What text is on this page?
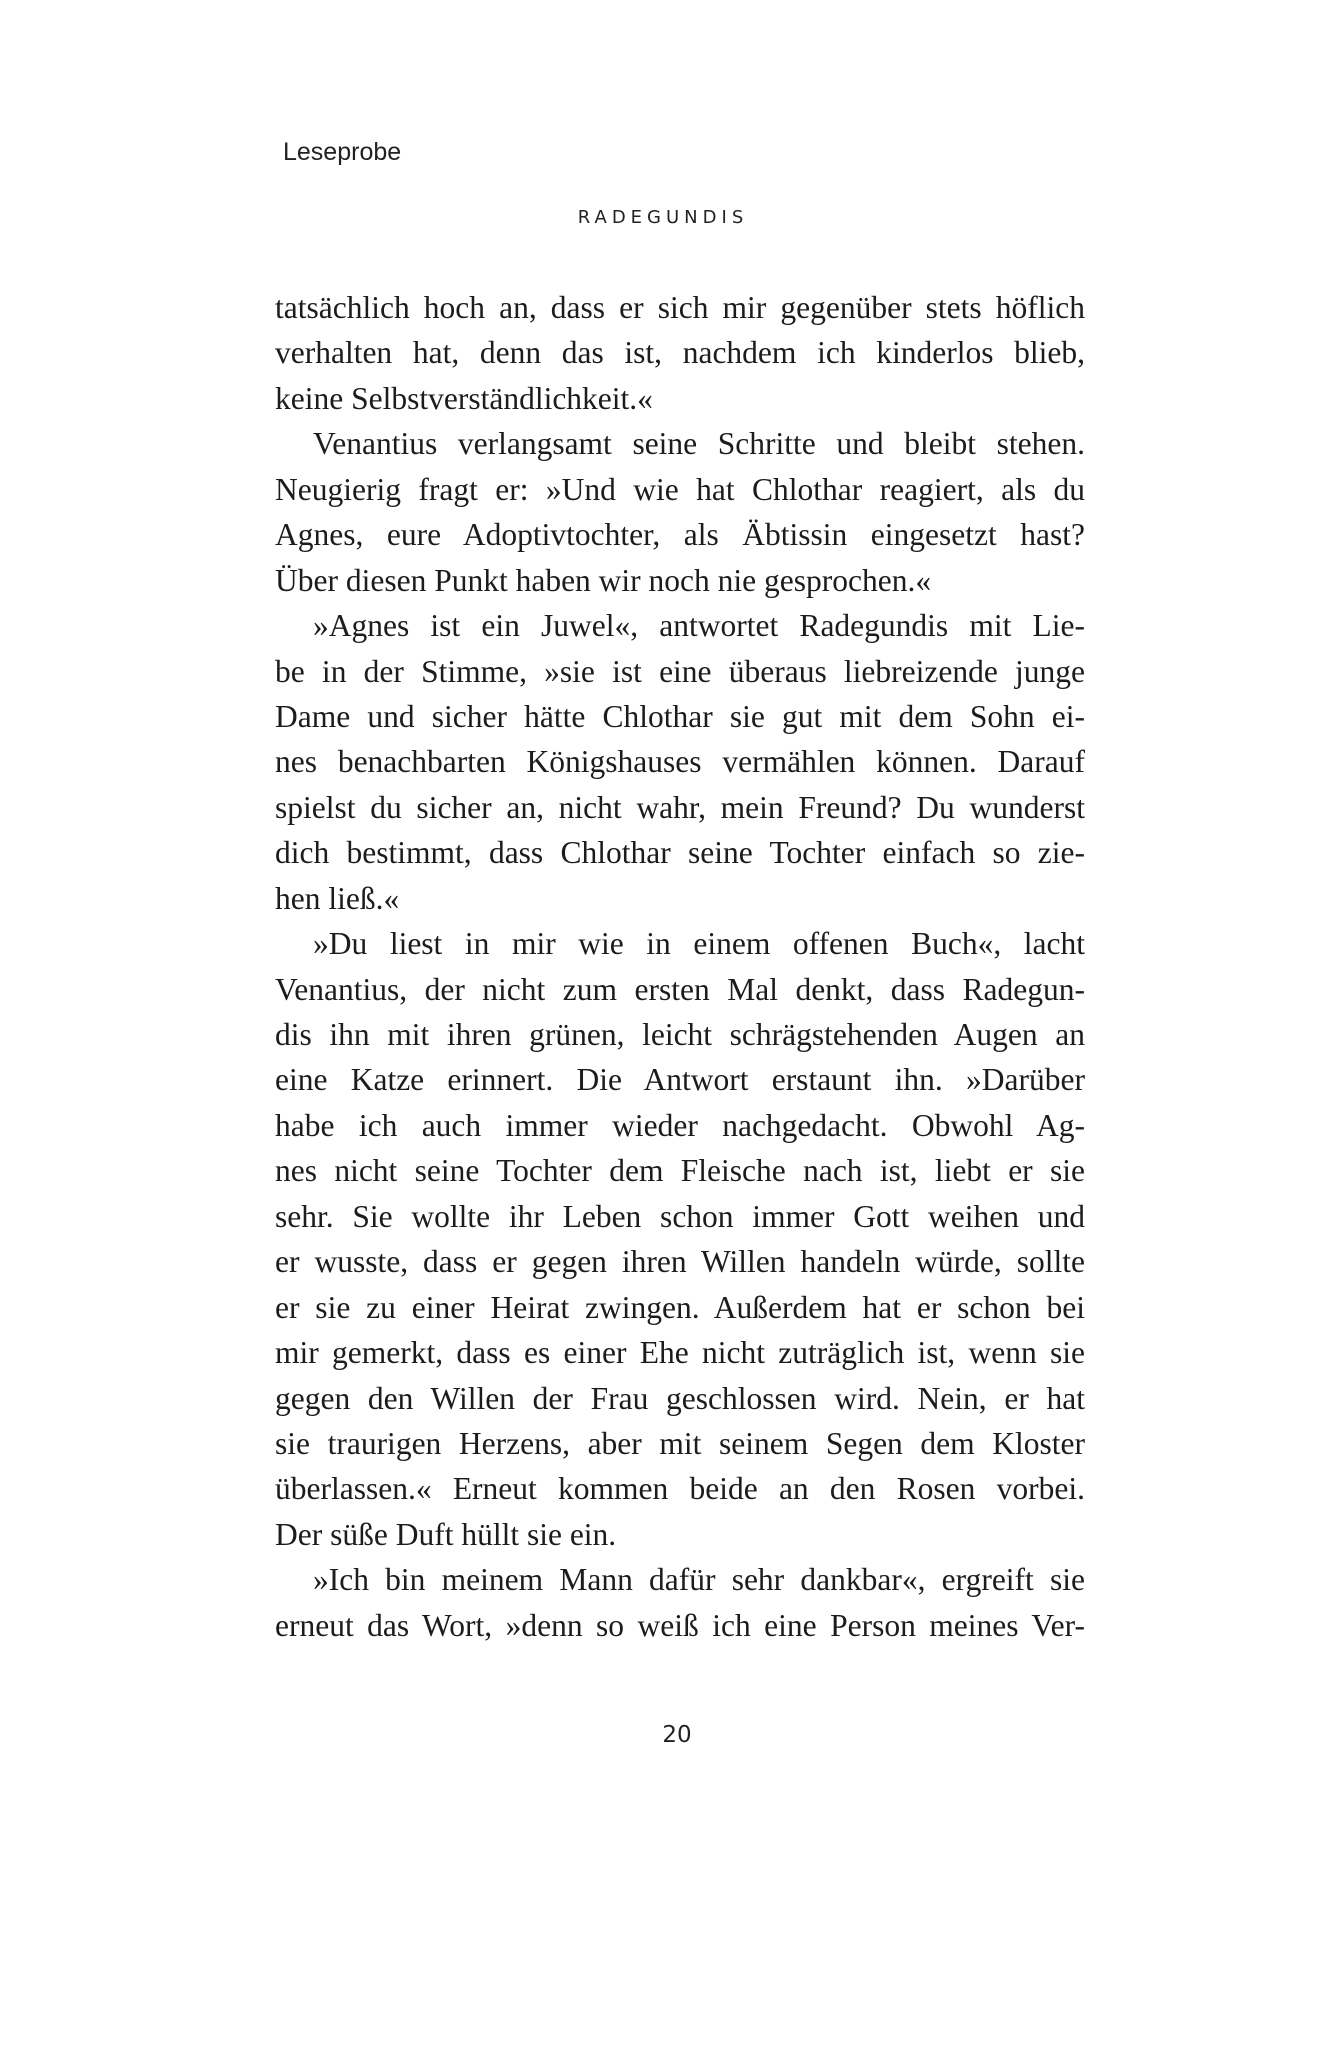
Leseprobe
RADEGUNDIS
tatsächlich hoch an, dass er sich mir gegenüber stets höflich
verhalten hat, denn das ist, nachdem ich kinderlos blieb,
keine Selbstverständlichkeit.«
Venantius verlangsamt seine Schritte und bleibt stehen.
Neugierig fragt er: »Und wie hat Chlothar reagiert, als du
Agnes, eure Adoptivtochter, als Äbtissin eingesetzt hast?
Über diesen Punkt haben wir noch nie gesprochen.«
»Agnes ist ein Juwel«, antwortet Radegundis mit Lie-
be in der Stimme, »sie ist eine überaus liebreizende junge
Dame und sicher hätte Chlothar sie gut mit dem Sohn ei-
nes benachbarten Königshauses vermählen können. Darauf
spielst du sicher an, nicht wahr, mein Freund? Du wunderst
dich bestimmt, dass Chlothar seine Tochter einfach so zie-
hen ließ.«
»Du liest in mir wie in einem offenen Buch«, lacht
Venantius, der nicht zum ersten Mal denkt, dass Radegun-
dis ihn mit ihren grünen, leicht schrägstehenden Augen an
eine Katze erinnert. Die Antwort erstaunt ihn. »Darüber
habe ich auch immer wieder nachgedacht. Obwohl Ag-
nes nicht seine Tochter dem Fleische nach ist, liebt er sie
sehr. Sie wollte ihr Leben schon immer Gott weihen und
er wusste, dass er gegen ihren Willen handeln würde, sollte
er sie zu einer Heirat zwingen. Außerdem hat er schon bei
mir gemerkt, dass es einer Ehe nicht zuträglich ist, wenn sie
gegen den Willen der Frau geschlossen wird. Nein, er hat
sie traurigen Herzens, aber mit seinem Segen dem Kloster
überlassen.« Erneut kommen beide an den Rosen vorbei.
Der süße Duft hüllt sie ein.
»Ich bin meinem Mann dafür sehr dankbar«, ergreift sie
erneut das Wort, »denn so weiß ich eine Person meines Ver-
20
